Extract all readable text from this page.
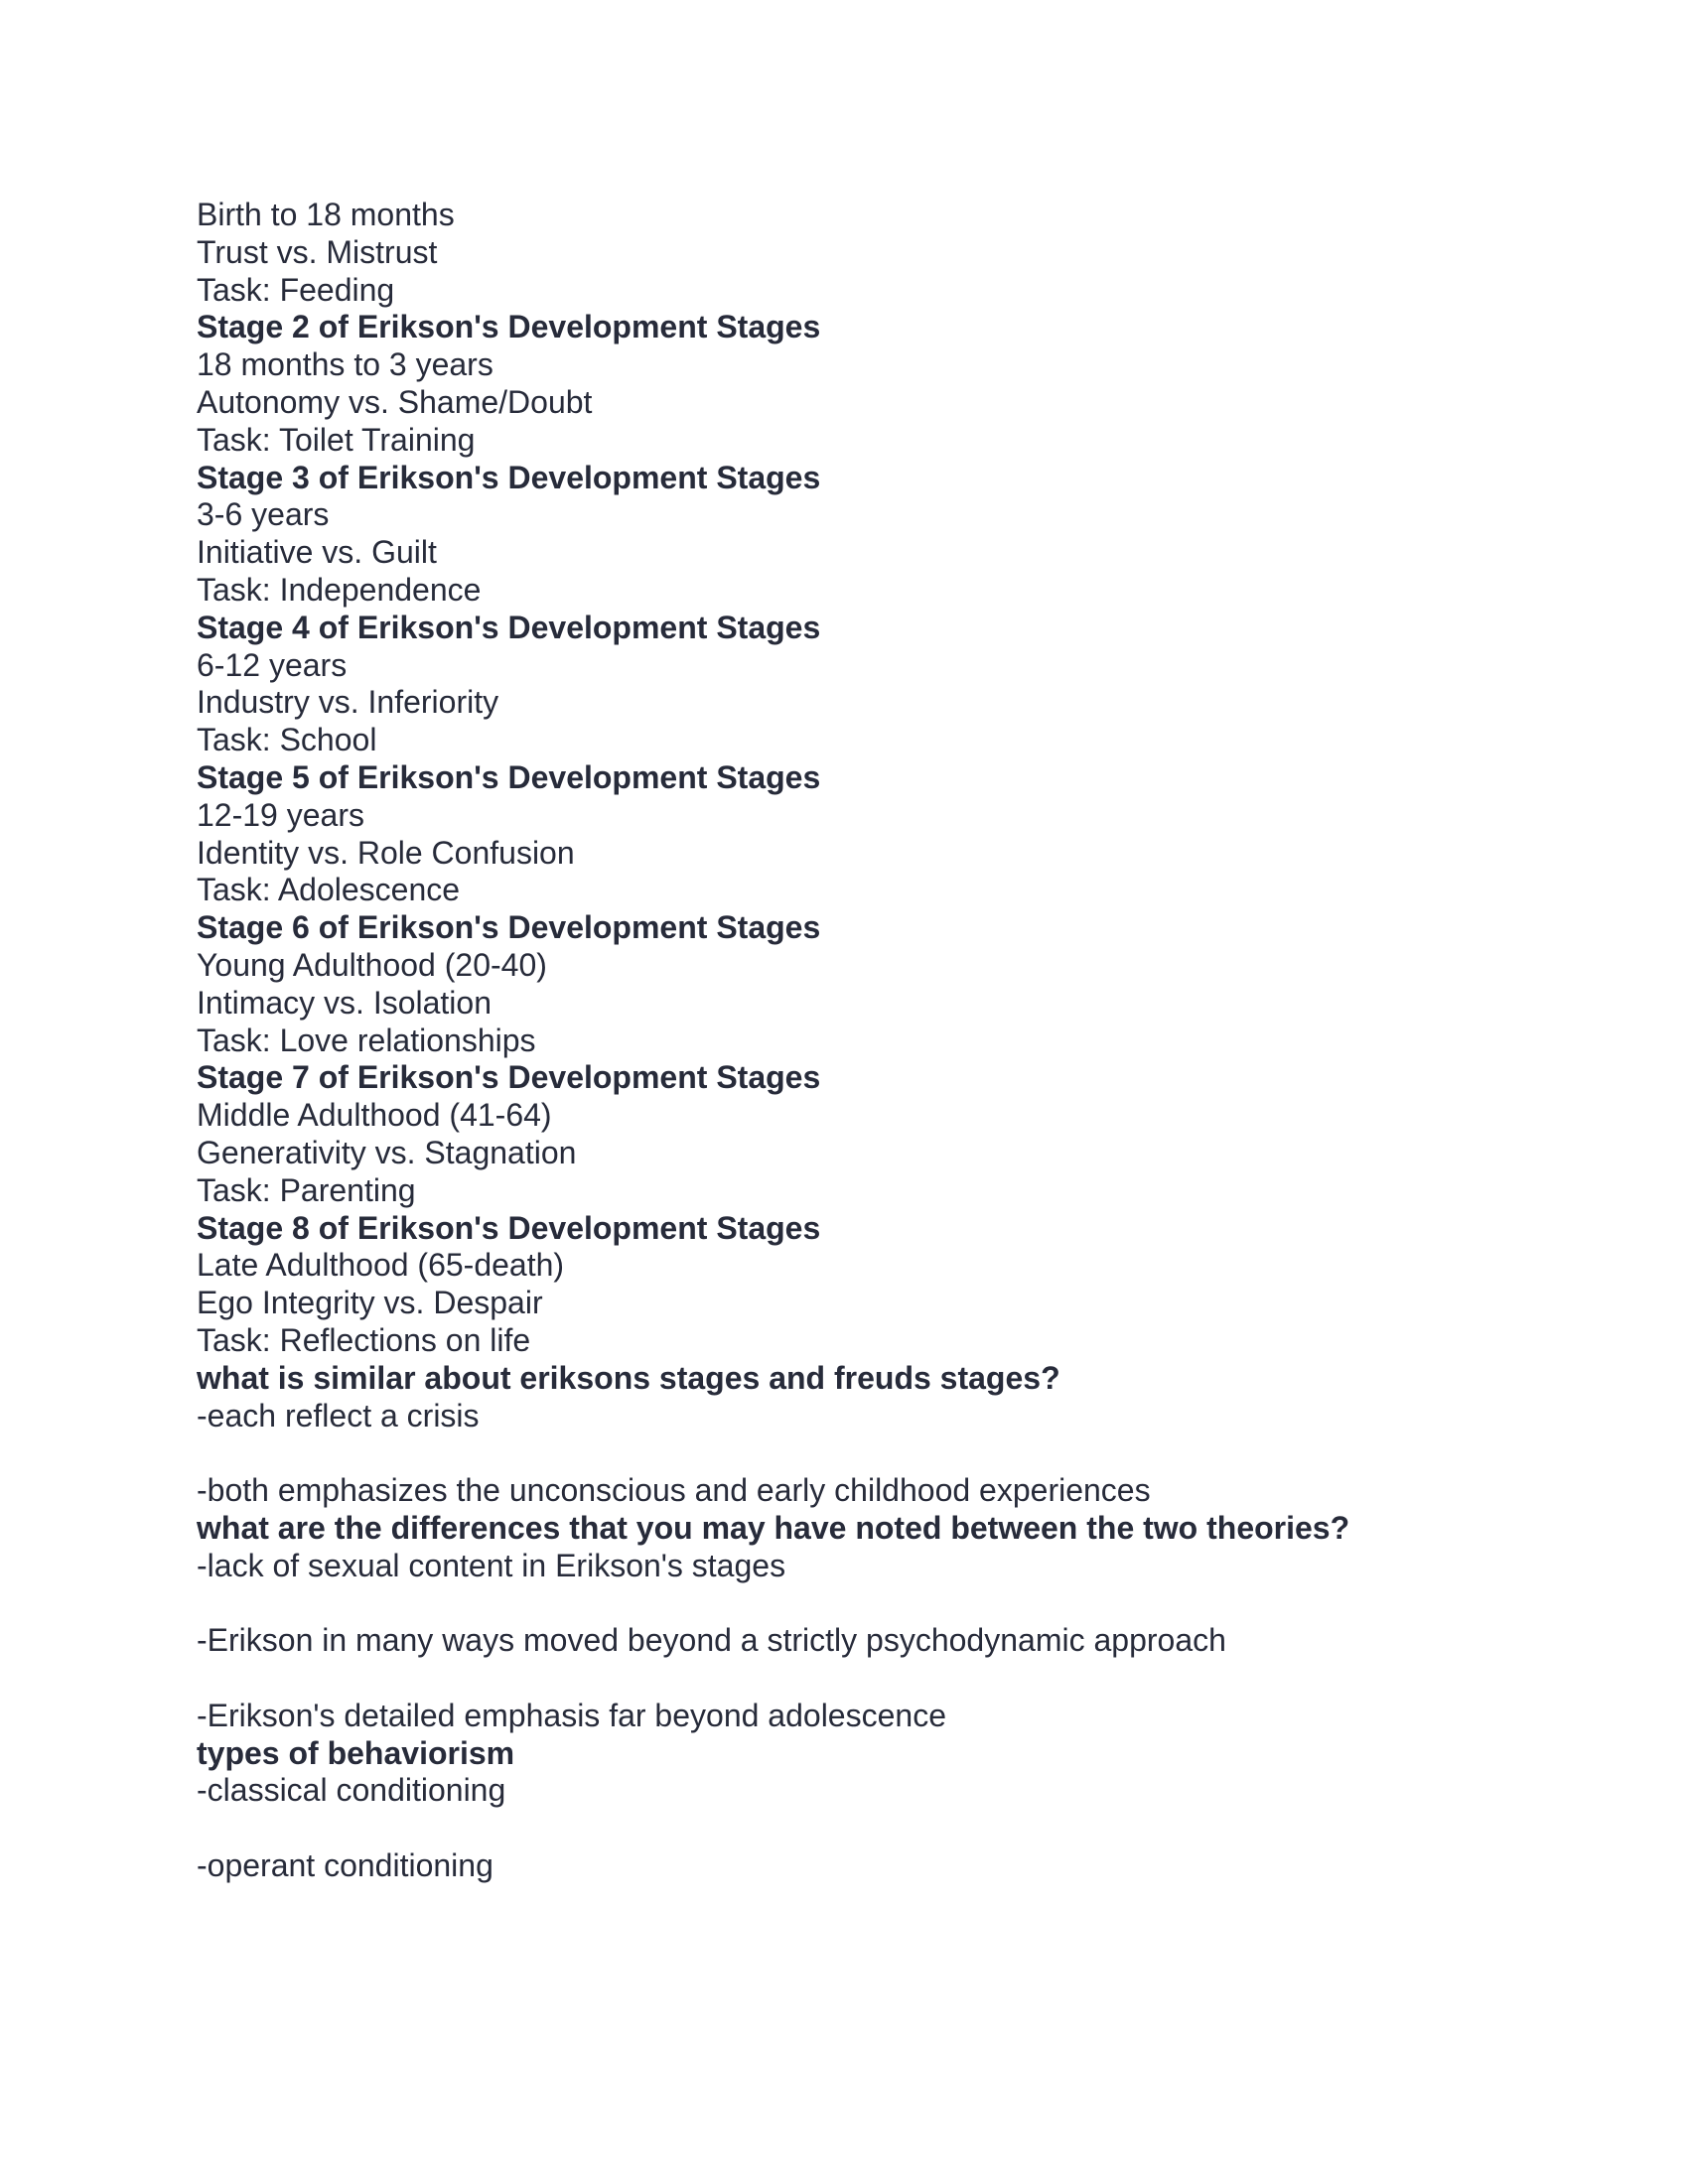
Birth to 18 months
Trust vs. Mistrust
Task: Feeding
Stage 2 of Erikson's Development Stages
18 months to 3 years
Autonomy vs. Shame/Doubt
Task: Toilet Training
Stage 3 of Erikson's Development Stages
3-6 years
Initiative vs. Guilt
Task: Independence
Stage 4 of Erikson's Development Stages
6-12 years
Industry vs. Inferiority
Task: School
Stage 5 of Erikson's Development Stages
12-19 years
Identity vs. Role Confusion
Task: Adolescence
Stage 6 of Erikson's Development Stages
Young Adulthood (20-40)
Intimacy vs. Isolation
Task: Love relationships
Stage 7 of Erikson's Development Stages
Middle Adulthood (41-64)
Generativity vs. Stagnation
Task: Parenting
Stage 8 of Erikson's Development Stages
Late Adulthood (65-death)
Ego Integrity vs. Despair
Task: Reflections on life
what is similar about eriksons stages and freuds stages?
-each reflect a crisis
-both emphasizes the unconscious and early childhood experiences
what are the differences that you may have noted between the two theories?
-lack of sexual content in Erikson's stages
-Erikson in many ways moved beyond a strictly psychodynamic approach
-Erikson's detailed emphasis far beyond adolescence
types of behaviorism
-classical conditioning
-operant conditioning
